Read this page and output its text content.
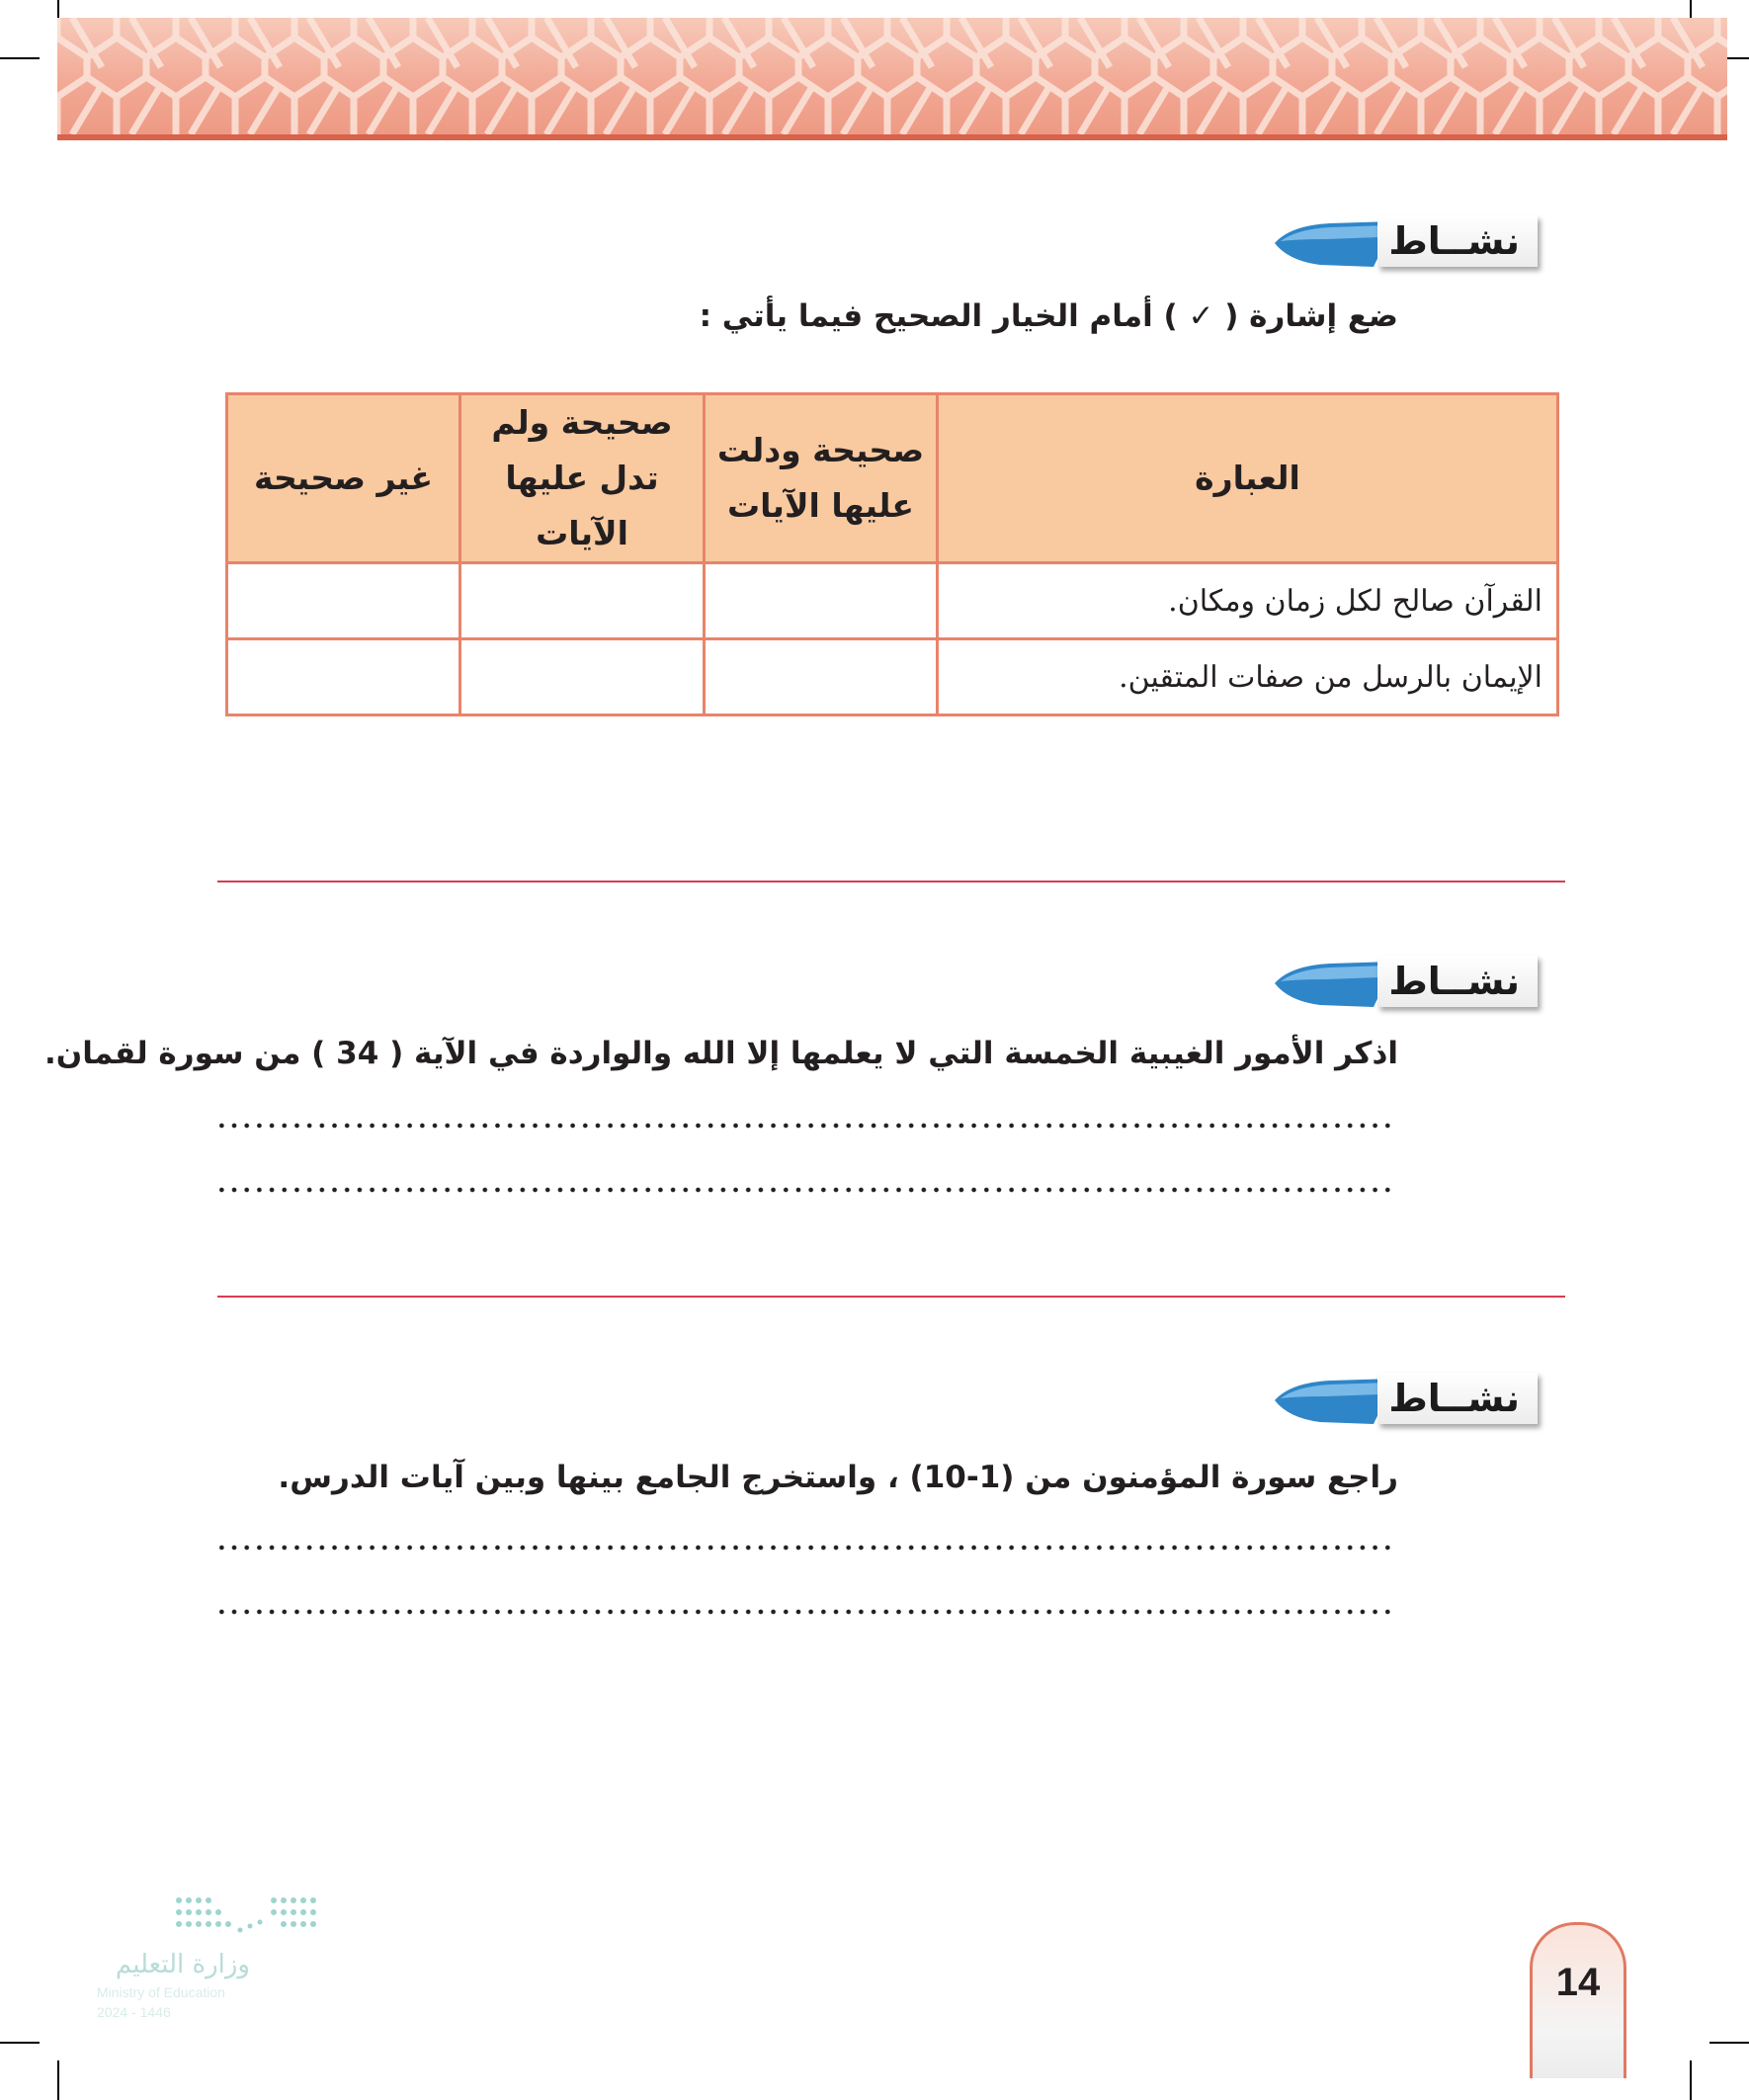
نشــاط
ضع إشارة ( ✓ ) أمام الخيار الصحيح فيما يأتي :
العبارة	صحيحة ودلت عليها الآيات	صحيحة ولم تدل عليها الآيات	غير صحيحة
القرآن صالح لكل زمان ومكان.			
الإيمان بالرسل من صفات المتقين.			
نشــاط
اذكر الأمور الغيبية الخمسة التي لا يعلمها إلا الله والواردة في الآية ( 34 ) من سورة لقمان.
نشــاط
راجع سورة المؤمنون من (1-10) ، واستخرج الجامع بينها وبين آيات الدرس.
وزارة التعليم
Ministry of Education
2024 - 1446
14
